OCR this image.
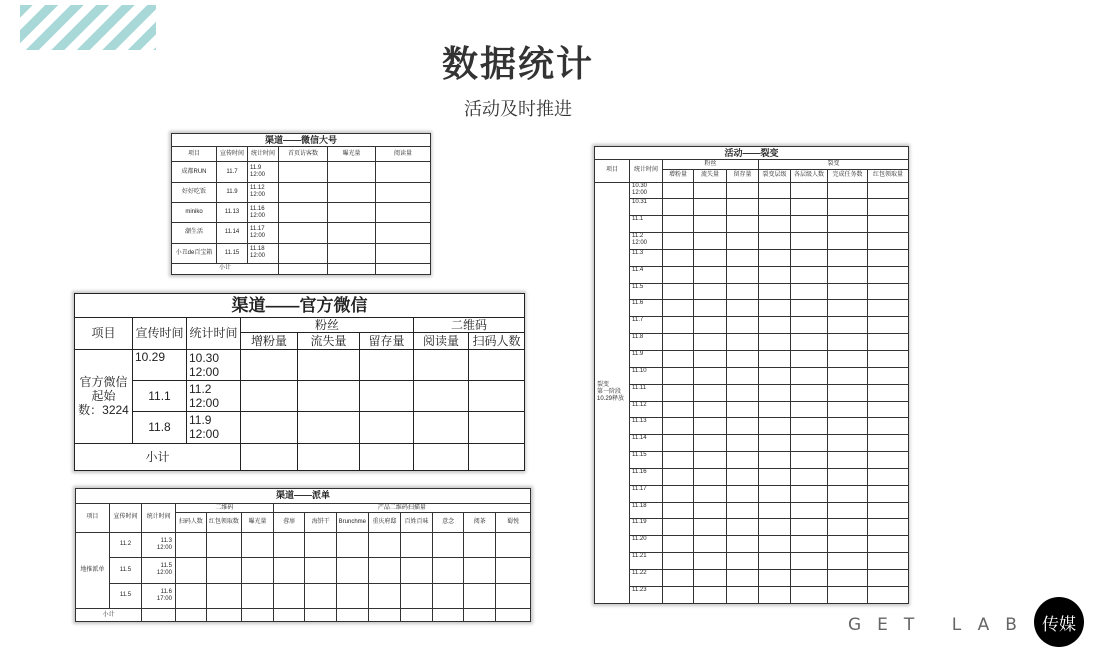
数据统计
活动及时推进
渠道——微信大号					
项目	宣传时间	统计时间	首页访客数	曝光量	阅读量
成都RUN	11.7	11.9
12:00			
好好吃饭	11.9	11.12
12:00			
miniko	11.13	11.16
12:00			
潮生活	11.14	11.17
12:00			
小丑de百宝箱	11.15	11.18
12:00			
小计					
渠道——官方微信							
项目	宣传时间	统计时间	粉丝			二维码	
			增粉量	流失量	留存量	阅读量	扫码人数
官方微信
起始
数：3224	10.29	10.30
12:00					
	11.1	11.2
12:00					
	11.8	11.9
12:00					
小计							
渠道——派单													
项目	宣传时间	统计时间	二维码			产品二维码扫描量							
			扫码人数	红包领取数	曝光量	蓉扉	海饼干	Brunchme	重庆府邸	百姓百味	意念	阅茶	蜀悦
地推派单	11.2	11.3
12:00											
	11.5	11.5
12:00											
	11.5	11.6
17:00											
小计													
活动——裂变								
项目	统计时间	粉丝			裂变			
		增粉量	流失量	留存量	裂变层级	各层级人数	完成任务数	红包领取量
裂变
第一阶段
10.29释放	10.30
12:00							
	10.31							
	11.1							
	11.2
12:00							
	11.3							
	11.4							
	11.5							
	11.6							
	11.7							
	11.8							
	11.9							
	11.10							
	11.11							
	11.12							
	11.13							
	11.14							
	11.15							
	11.16							
	11.17							
	11.18							
	11.19							
	11.20							
	11.21							
	11.22							
	11.23							
GET LAB 传媒
